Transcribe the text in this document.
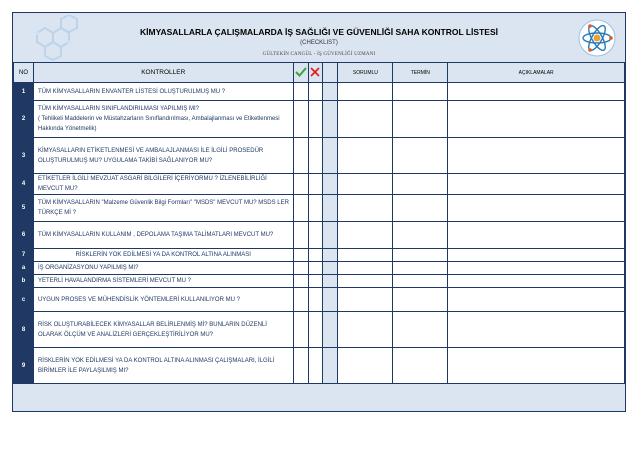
KİMYASALLARLA ÇALIŞMALARDA İŞ SAĞLIĞI VE GÜVENLİĞİ SAHA KONTROL LİSTESİ
(CHECKLIST)
GÜLTEKİN CANGÜL - İŞ GÜVENLİĞİ UZMANI
NO	KONTROLLER				SORUMLU	TERMİN	AÇIKLAMALAR
1	TÜM KİMYASALLARIN ENVANTER LİSTESİ OLUŞTURULMUŞ MU ?						
2	TÜM KİMYASALLARIN SINIFLANDIRILMASI YAPILMIŞ MI?
( Tehlikeli Maddelerin ve Müstahzarların Sınıflandırılması, Ambalajlanması ve Etiketlenmesi Hakkında Yönetmelik)						
3	KİMYASALLARIN ETİKETLENMESİ VE AMBALAJLANMASI İLE İLGİLİ PROSEDÜR OLUŞTURULMUŞ MU? UYGULAMA TAKİBİ SAĞLANIYOR MU?						
4	ETİKETLER İLGİLİ MEVZUAT ASGARİ BİLGİLERİ İÇERİYORMU ? İZLENEBİLİRLİĞİ MEVCUT MU?						
5	TÜM KİMYASALLARIN "Malzeme Güvenlik Bilgi Formları" "MSDS" MEVCUT MU? MSDS LER TÜRKÇE Mİ ?						
6	TÜM KİMYASALLARIN KULLANIM , DEPOLAMA TAŞIMA TALİMATLARI MEVCUT MU?						
7	RİSKLERİN YOK EDİLMESİ YA DA KONTROL ALTINA ALINMASI						
a	İŞ ORGANİZASYONU YAPILMIŞ MI?						
b	YETERLİ HAVALANDIRMA SİSTEMLERİ MEVCUT MU ?						
c	UYGUN PROSES VE MÜHENDİSLİK YÖNTEMLERİ KULLANILIYOR MU ?						
8	RİSK OLUŞTURABİLECEK KİMYASALLAR BELİRLENMİŞ Mİ? BUNLARIN DÜZENLİ OLARAK ÖLÇÜM VE ANALİZLERİ GERÇEKLEŞTİRİLİYOR MU?						
9	RİSKLERİN YOK EDİLMESİ YA DA KONTROL ALTINA ALINMASI ÇALIŞMALARI, İLGİLİ BİRİMLER İLE PAYLAŞILMIŞ MI?						
